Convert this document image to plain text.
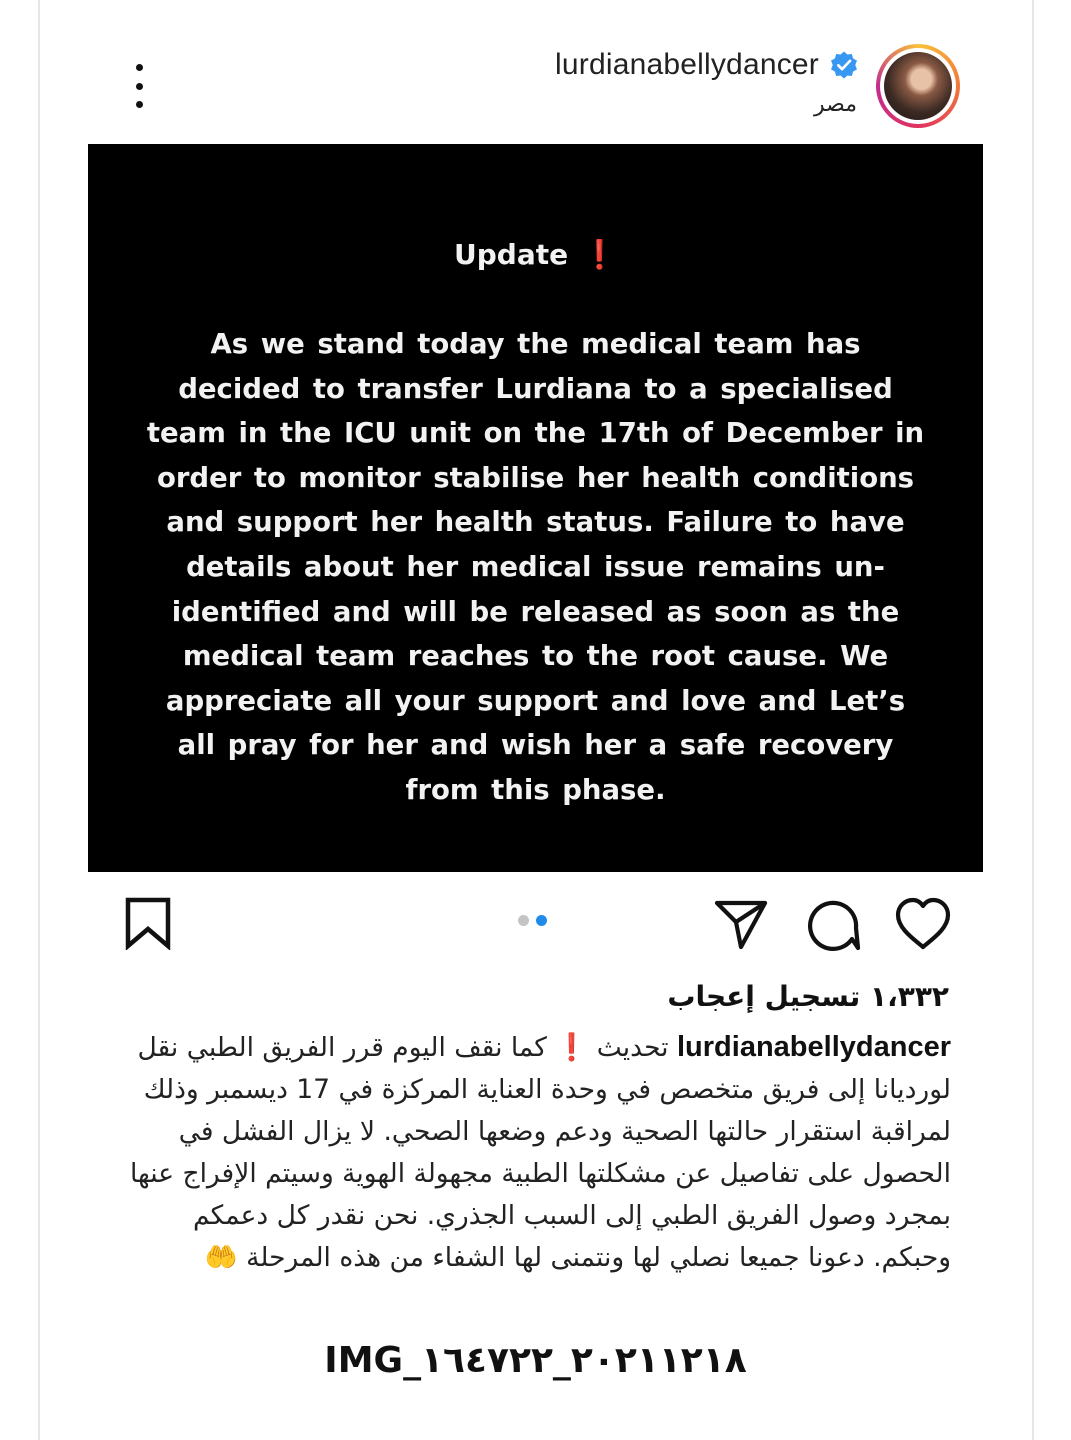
lurdianabellydancer
مصر
Update ❗
As we stand today the medical team has decided to transfer Lurdiana to a specialised team in the ICU unit on the 17th of December in order to monitor stabilise her health conditions and support her health status. Failure to have details about her medical issue remains un-identified and will be released as soon as the medical team reaches to the root cause. We appreciate all your support and love and Let’s all pray for her and wish her a safe recovery from this phase.
١،٣٣٢ تسجيل إعجاب
lurdianabellydancer تحديث ❗ كما نقف اليوم قرر الفريق الطبي نقل لورديانا إلى فريق متخصص في وحدة العناية المركزة في 17 ديسمبر وذلك لمراقبة استقرار حالتها الصحية ودعم وضعها الصحي. لا يزال الفشل في الحصول على تفاصيل عن مشكلتها الطبية مجهولة الهوية وسيتم الإفراج عنها بمجرد وصول الفريق الطبي إلى السبب الجذري. نحن نقدر كل دعمكم وحبكم. دعونا جميعا نصلي لها ونتمنى لها الشفاء من هذه المرحلة 🤲
IMG_٢٠٢١١٢١٨_١٦٤٧٢٢
